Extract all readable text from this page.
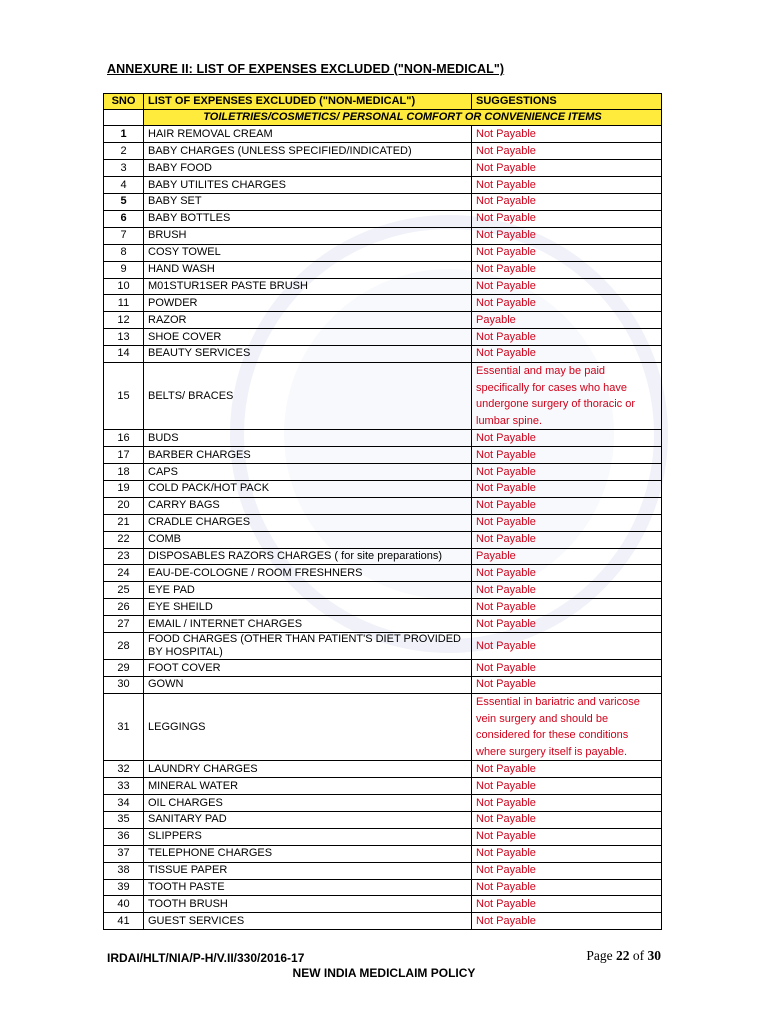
ANNEXURE II: LIST OF EXPENSES EXCLUDED ("NON-MEDICAL")
SNO	LIST OF EXPENSES EXCLUDED ("NON-MEDICAL")	SUGGESTIONS
	TOILETRIES/COSMETICS/ PERSONAL COMFORT OR CONVENIENCE ITEMS	
1	HAIR REMOVAL CREAM	Not Payable
2	BABY CHARGES (UNLESS SPECIFIED/INDICATED)	Not Payable
3	BABY FOOD	Not Payable
4	BABY UTILITES CHARGES	Not Payable
5	BABY SET	Not Payable
6	BABY BOTTLES	Not Payable
7	BRUSH	Not Payable
8	COSY TOWEL	Not Payable
9	HAND WASH	Not Payable
10	M01STUR1SER PASTE BRUSH	Not Payable
11	POWDER	Not Payable
12	RAZOR	Payable
13	SHOE COVER	Not Payable
14	BEAUTY SERVICES	Not Payable
15	BELTS/ BRACES	Essential and may be paid specifically for cases who have undergone surgery of thoracic or lumbar spine.
16	BUDS	Not Payable
17	BARBER CHARGES	Not Payable
18	CAPS	Not Payable
19	COLD PACK/HOT PACK	Not Payable
20	CARRY BAGS	Not Payable
21	CRADLE CHARGES	Not Payable
22	COMB	Not Payable
23	DISPOSABLES RAZORS CHARGES ( for site preparations)	Payable
24	EAU-DE-COLOGNE / ROOM FRESHNERS	Not Payable
25	EYE PAD	Not Payable
26	EYE SHEILD	Not Payable
27	EMAIL / INTERNET CHARGES	Not Payable
28	FOOD CHARGES (OTHER THAN PATIENT'S DIET PROVIDED BY HOSPITAL)	Not Payable
29	FOOT COVER	Not Payable
30	GOWN	Not Payable
31	LEGGINGS	Essential in bariatric and varicose vein surgery and should be considered for these conditions where surgery itself is payable.
32	LAUNDRY CHARGES	Not Payable
33	MINERAL WATER	Not Payable
34	OIL CHARGES	Not Payable
35	SANITARY PAD	Not Payable
36	SLIPPERS	Not Payable
37	TELEPHONE CHARGES	Not Payable
38	TISSUE PAPER	Not Payable
39	TOOTH PASTE	Not Payable
40	TOOTH BRUSH	Not Payable
41	GUEST SERVICES	Not Payable
IRDAI/HLT/NIA/P-H/V.II/330/2016-17	Page 22 of 30
NEW INDIA MEDICLAIM POLICY
